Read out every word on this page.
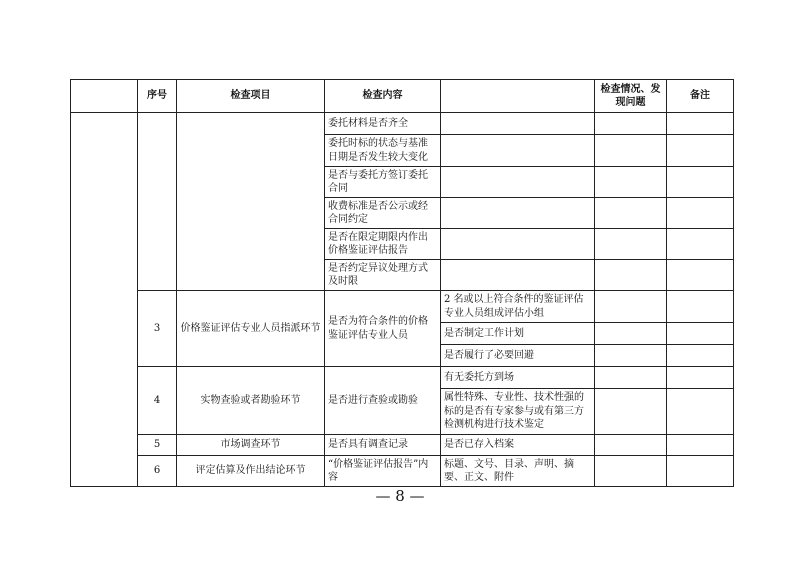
	序号	检查项目	检查内容		检查情况、发现问题	备注
			委托材料是否齐全			
			委托时标的状态与基准日期是否发生较大变化			
			是否与委托方签订委托合同			
			收费标准是否公示或经合同约定			
			是否在限定期限内作出价格鉴证评估报告			
			是否约定异议处理方式及时限			
	3	价格鉴证评估专业人员指派环节	是否为符合条件的价格鉴证评估专业人员	2 名或以上符合条件的鉴证评估专业人员组成评估小组		
				是否制定工作计划		
				是否履行了必要回避		
	4	实物查验或者勘验环节	是否进行查验或勘验	有无委托方到场		
				属性特殊、专业性、技术性强的标的是否有专家参与或有第三方检测机构进行技术鉴定		
	5	市场调查环节	是否具有调查记录	是否已存入档案		
	6	评定估算及作出结论环节	“价格鉴证评估报告”内容	标题、文号、目录、声明、摘要、正文、附件		
— 8 —
